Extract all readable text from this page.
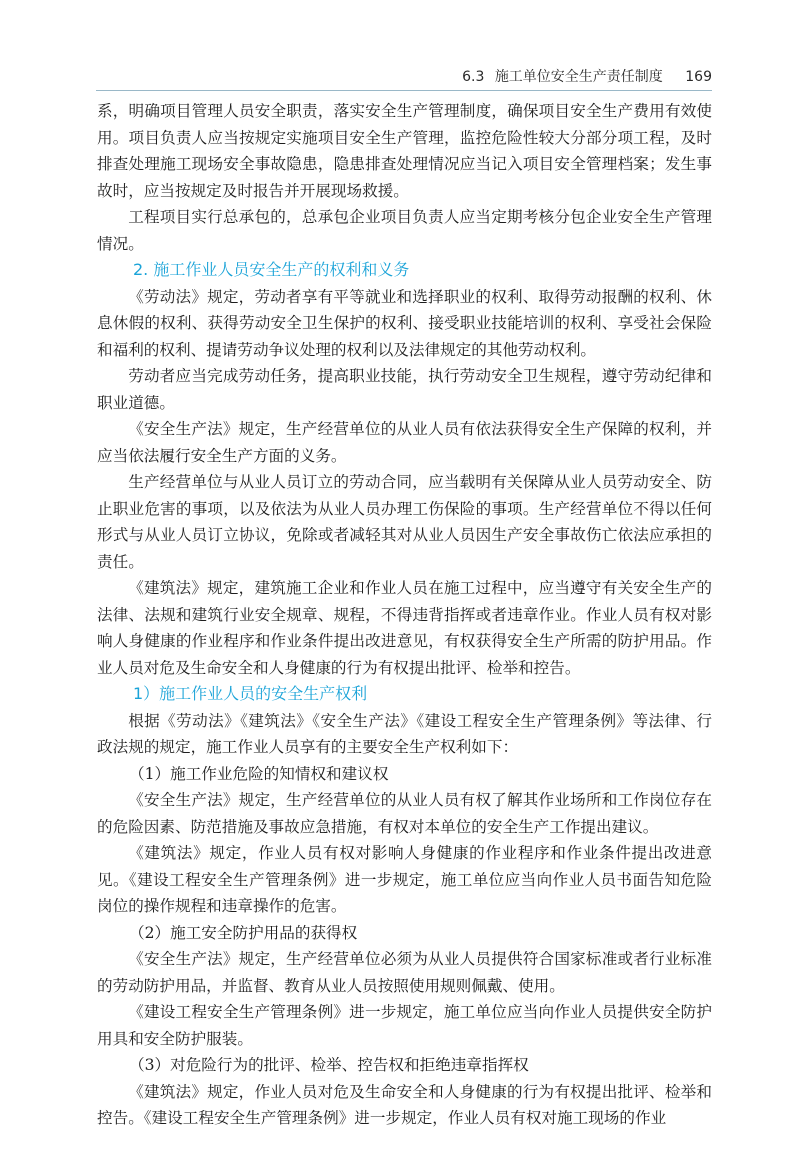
6.3 施工单位安全生产责任制度 169

系，明确项目管理人员安全职责，落实安全生产管理制度，确保项目安全生产费用有效使用。项目负责人应当按规定实施项目安全生产管理，监控危险性较大分部分项工程，及时排查处理施工现场安全事故隐患，隐患排查处理情况应当记入项目安全管理档案；发生事故时，应当按规定及时报告并开展现场救援。

工程项目实行总承包的，总承包企业项目负责人应当定期考核分包企业安全生产管理情况。

2. 施工作业人员安全生产的权利和义务

《劳动法》规定，劳动者享有平等就业和选择职业的权利、取得劳动报酬的权利、休息休假的权利、获得劳动安全卫生保护的权利、接受职业技能培训的权利、享受社会保险和福利的权利、提请劳动争议处理的权利以及法律规定的其他劳动权利。

劳动者应当完成劳动任务，提高职业技能，执行劳动安全卫生规程，遵守劳动纪律和职业道德。

《安全生产法》规定，生产经营单位的从业人员有依法获得安全生产保障的权利，并应当依法履行安全生产方面的义务。

生产经营单位与从业人员订立的劳动合同，应当载明有关保障从业人员劳动安全、防止职业危害的事项，以及依法为从业人员办理工伤保险的事项。生产经营单位不得以任何形式与从业人员订立协议，免除或者减轻其对从业人员因生产安全事故伤亡依法应承担的责任。

《建筑法》规定，建筑施工企业和作业人员在施工过程中，应当遵守有关安全生产的法律、法规和建筑行业安全规章、规程，不得违背指挥或者违章作业。作业人员有权对影响人身健康的作业程序和作业条件提出改进意见，有权获得安全生产所需的防护用品。作业人员对危及生命安全和人身健康的行为有权提出批评、检举和控告。

1）施工作业人员的安全生产权利

根据《劳动法》《建筑法》《安全生产法》《建设工程安全生产管理条例》等法律、行政法规的规定，施工作业人员享有的主要安全生产权利如下：

（1）施工作业危险的知情权和建议权

《安全生产法》规定，生产经营单位的从业人员有权了解其作业场所和工作岗位存在的危险因素、防范措施及事故应急措施，有权对本单位的安全生产工作提出建议。

《建筑法》规定，作业人员有权对影响人身健康的作业程序和作业条件提出改进意见。《建设工程安全生产管理条例》进一步规定，施工单位应当向作业人员书面告知危险岗位的操作规程和违章操作的危害。

（2）施工安全防护用品的获得权

《安全生产法》规定，生产经营单位必须为从业人员提供符合国家标准或者行业标准的劳动防护用品，并监督、教育从业人员按照使用规则佩戴、使用。

《建设工程安全生产管理条例》进一步规定，施工单位应当向作业人员提供安全防护用具和安全防护服装。

（3）对危险行为的批评、检举、控告权和拒绝违章指挥权

《建筑法》规定，作业人员对危及生命安全和人身健康的行为有权提出批评、检举和控告。《建设工程安全生产管理条例》进一步规定，作业人员有权对施工现场的作业
